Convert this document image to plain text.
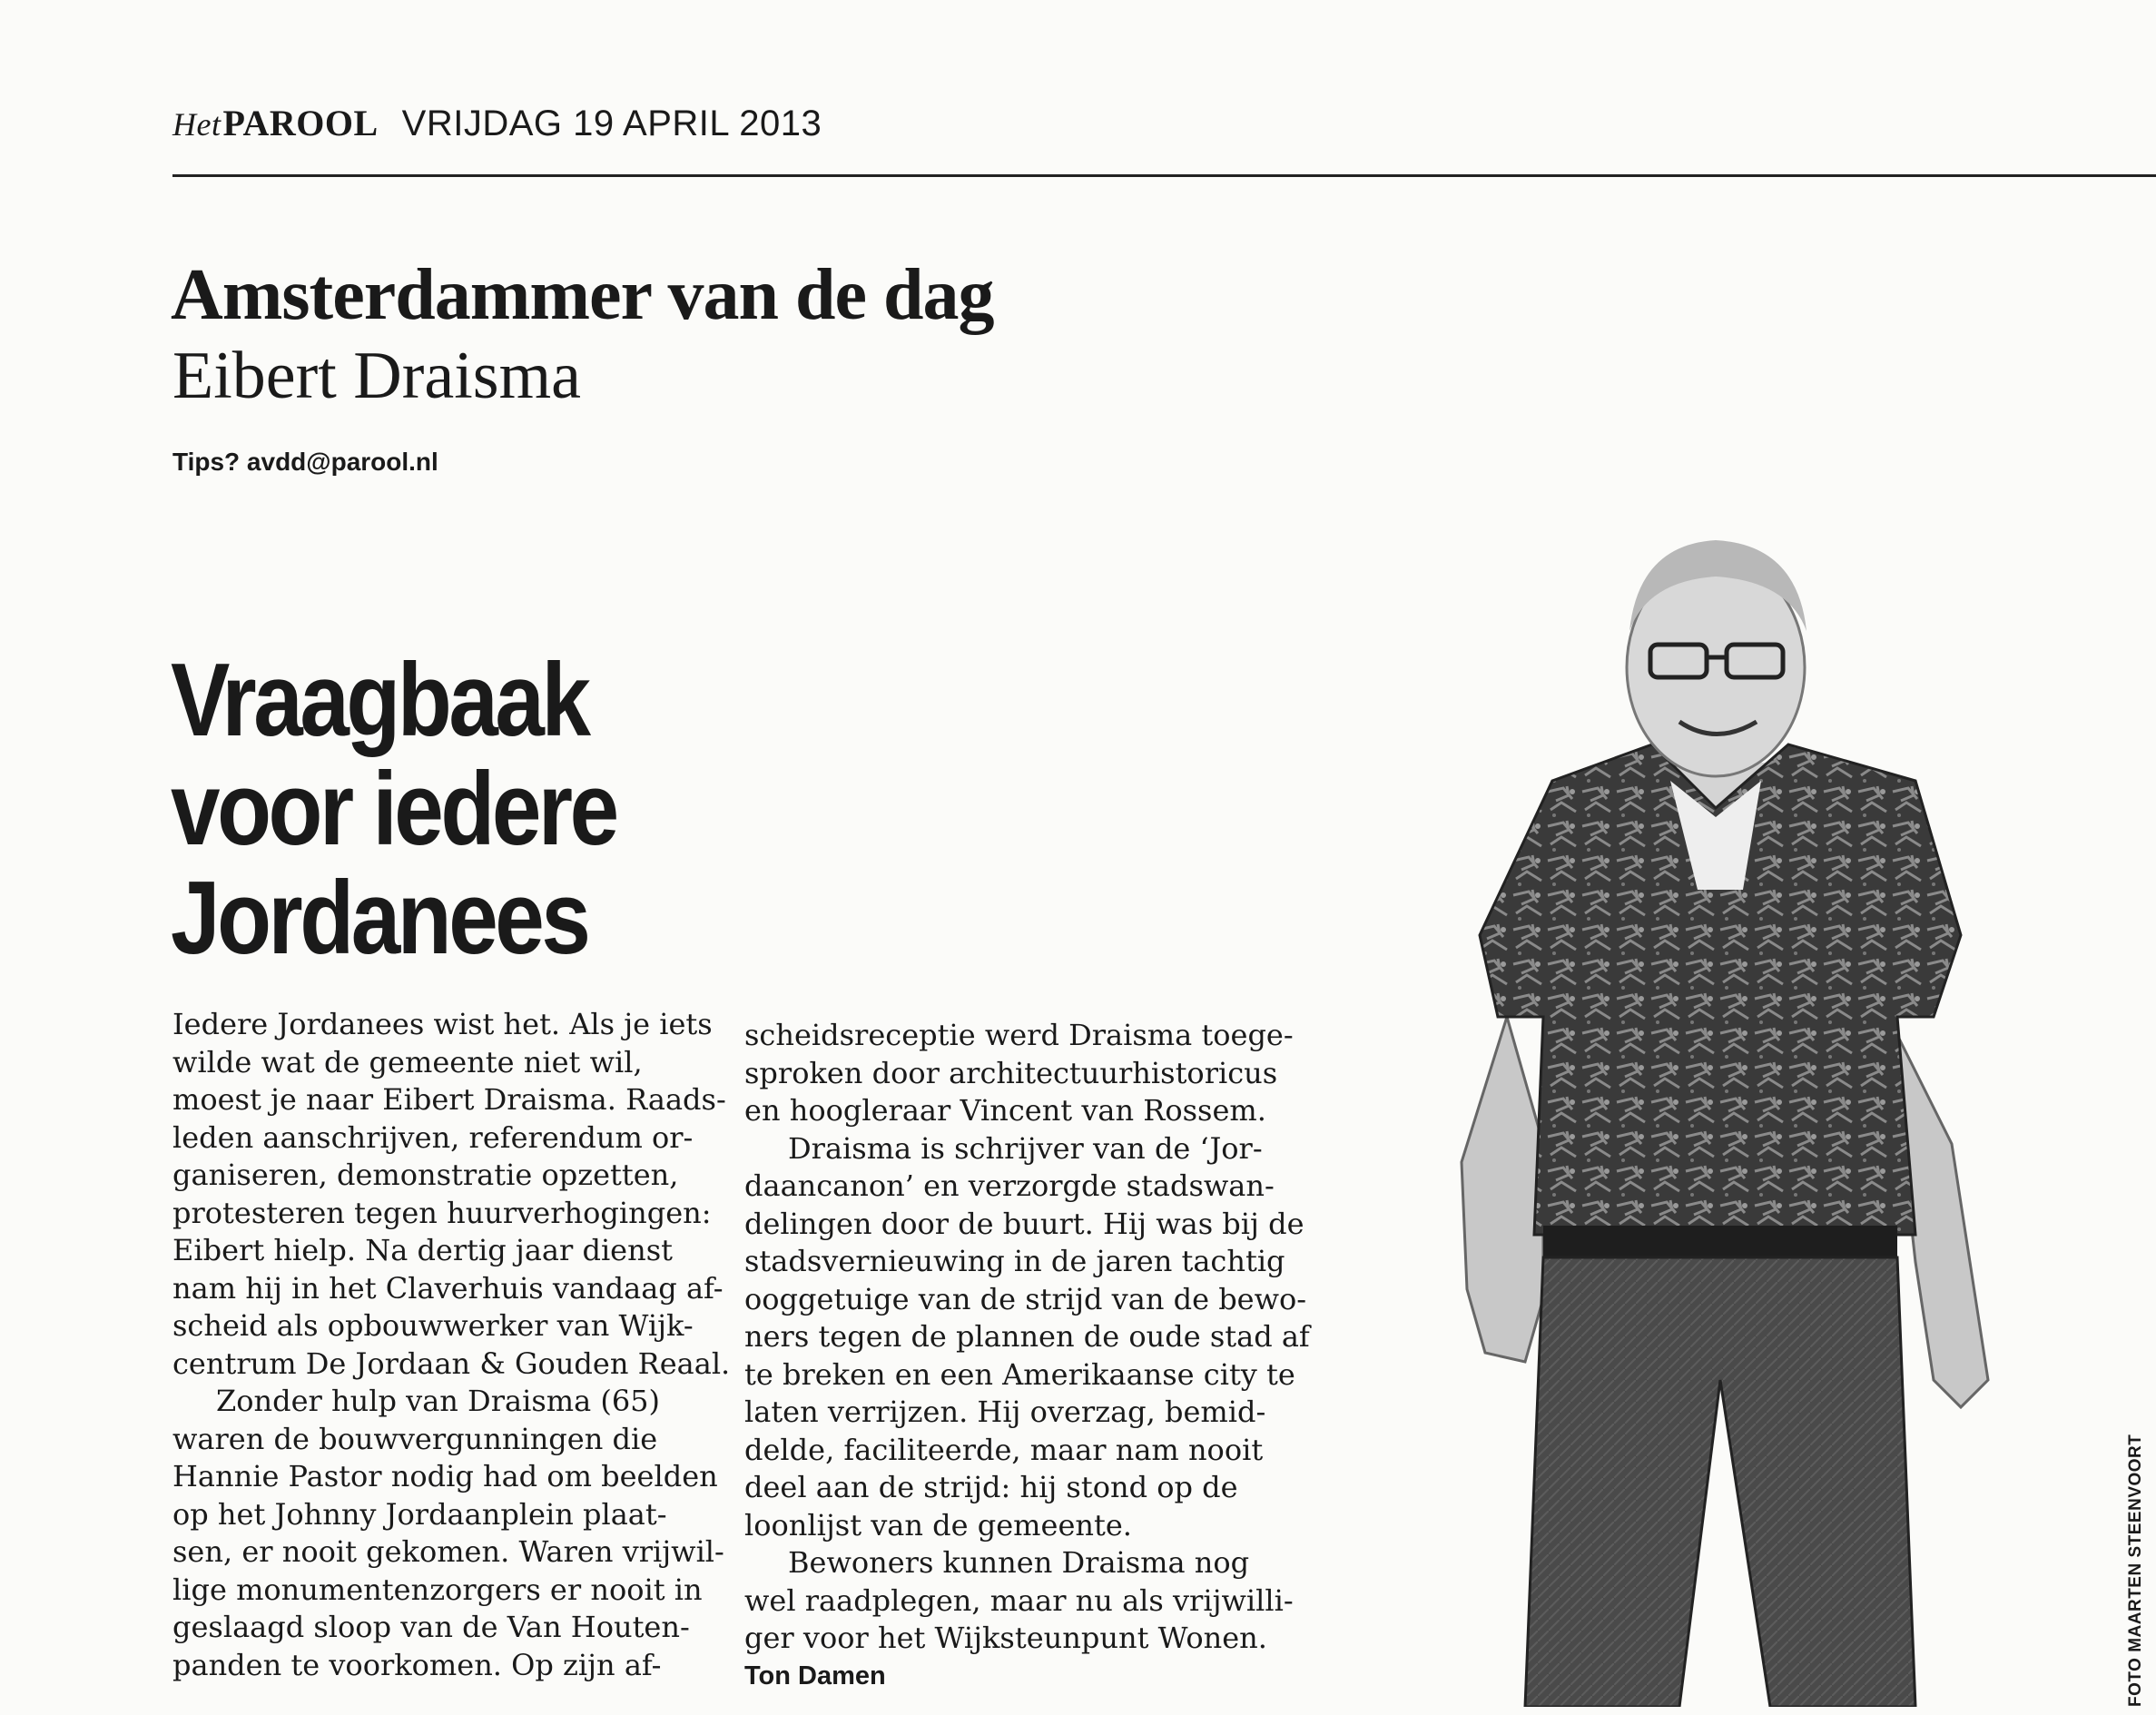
HetPAROOL VRIJDAG 19 APRIL 2013
Amsterdammer van de dag
Eibert Draisma
Tips? avdd@parool.nl
Vraagbaak
voor iedere
Jordanees
Iedere Jordanees wist het. Als je iets
wilde wat de gemeente niet wil,
moest je naar Eibert Draisma. Raads-
leden aanschrijven, referendum or-
ganiseren, demonstratie opzetten,
protesteren tegen huurverhogingen:
Eibert hielp. Na dertig jaar dienst
nam hij in het Claverhuis vandaag af-
scheid als opbouwwerker van Wijk-
centrum De Jordaan & Gouden Reaal.
Zonder hulp van Draisma (65)
waren de bouwvergunningen die
Hannie Pastor nodig had om beelden
op het Johnny Jordaanplein plaat-
sen, er nooit gekomen. Waren vrijwil-
lige monumentenzorgers er nooit in
geslaagd sloop van de Van Houten-
panden te voorkomen. Op zijn af-
scheidsreceptie werd Draisma toege-
sproken door architectuurhistoricus
en hoogleraar Vincent van Rossem.
Draisma is schrijver van de ‘Jor-
daancanon’ en verzorgde stadswan-
delingen door de buurt. Hij was bij de
stadsvernieuwing in de jaren tachtig
ooggetuige van de strijd van de bewo-
ners tegen de plannen de oude stad af
te breken en een Amerikaanse city te
laten verrijzen. Hij overzag, bemid-
delde, faciliteerde, maar nam nooit
deel aan de strijd: hij stond op de
loonlijst van de gemeente.
Bewoners kunnen Draisma nog
wel raadplegen, maar nu als vrijwilli-
ger voor het Wijksteunpunt Wonen.
Ton Damen	FOTO MAARTEN STEENVOORT
